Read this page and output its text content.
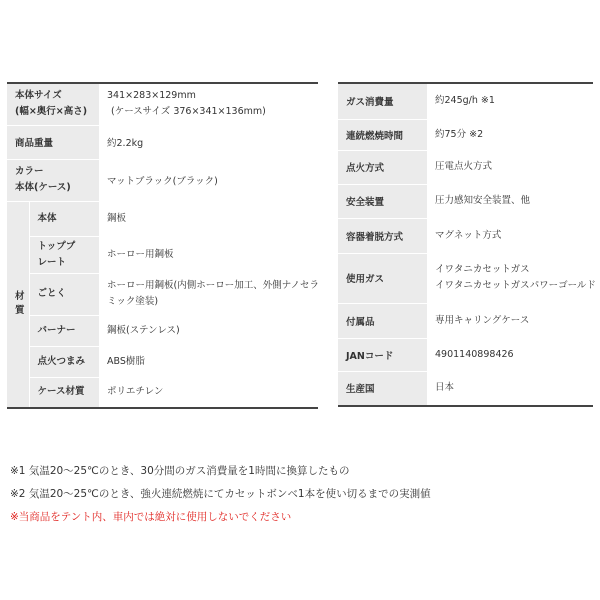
本体サイズ
(幅×奥行×高さ)		341×283×129mm
(ケースサイズ 376×341×136mm)

商品重量		約2.2kg

カラー
本体(ケース)		マットブラック(ブラック)

材
質	本体	鋼板

	トッププ
レート	ホーロー用鋼板

	ごとく	ホーロー用鋼板(内側ホーロー加工、外側ナノセラ
ミック塗装)

	バーナー	鋼板(ステンレス)

	点火つまみ	ABS樹脂

	ケース材質	ポリエチレン
ガス消費量	約245g/h ※1

連続燃焼時間	約75分 ※2

点火方式	圧電点火方式

安全装置	圧力感知安全装置、他

容器着脱方式	マグネット方式

使用ガス	イワタニカセットガス
イワタニカセットガスパワーゴールド

付属品	専用キャリングケース

JANコード	4901140898426

生産国	日本
※1 気温20～25℃のとき、30分間のガス消費量を1時間に換算したもの
※2 気温20～25℃のとき、強火連続燃焼にてカセットボンベ1本を使い切るまでの実測値
※当商品をテント内、車内では絶対に使用しないでください
